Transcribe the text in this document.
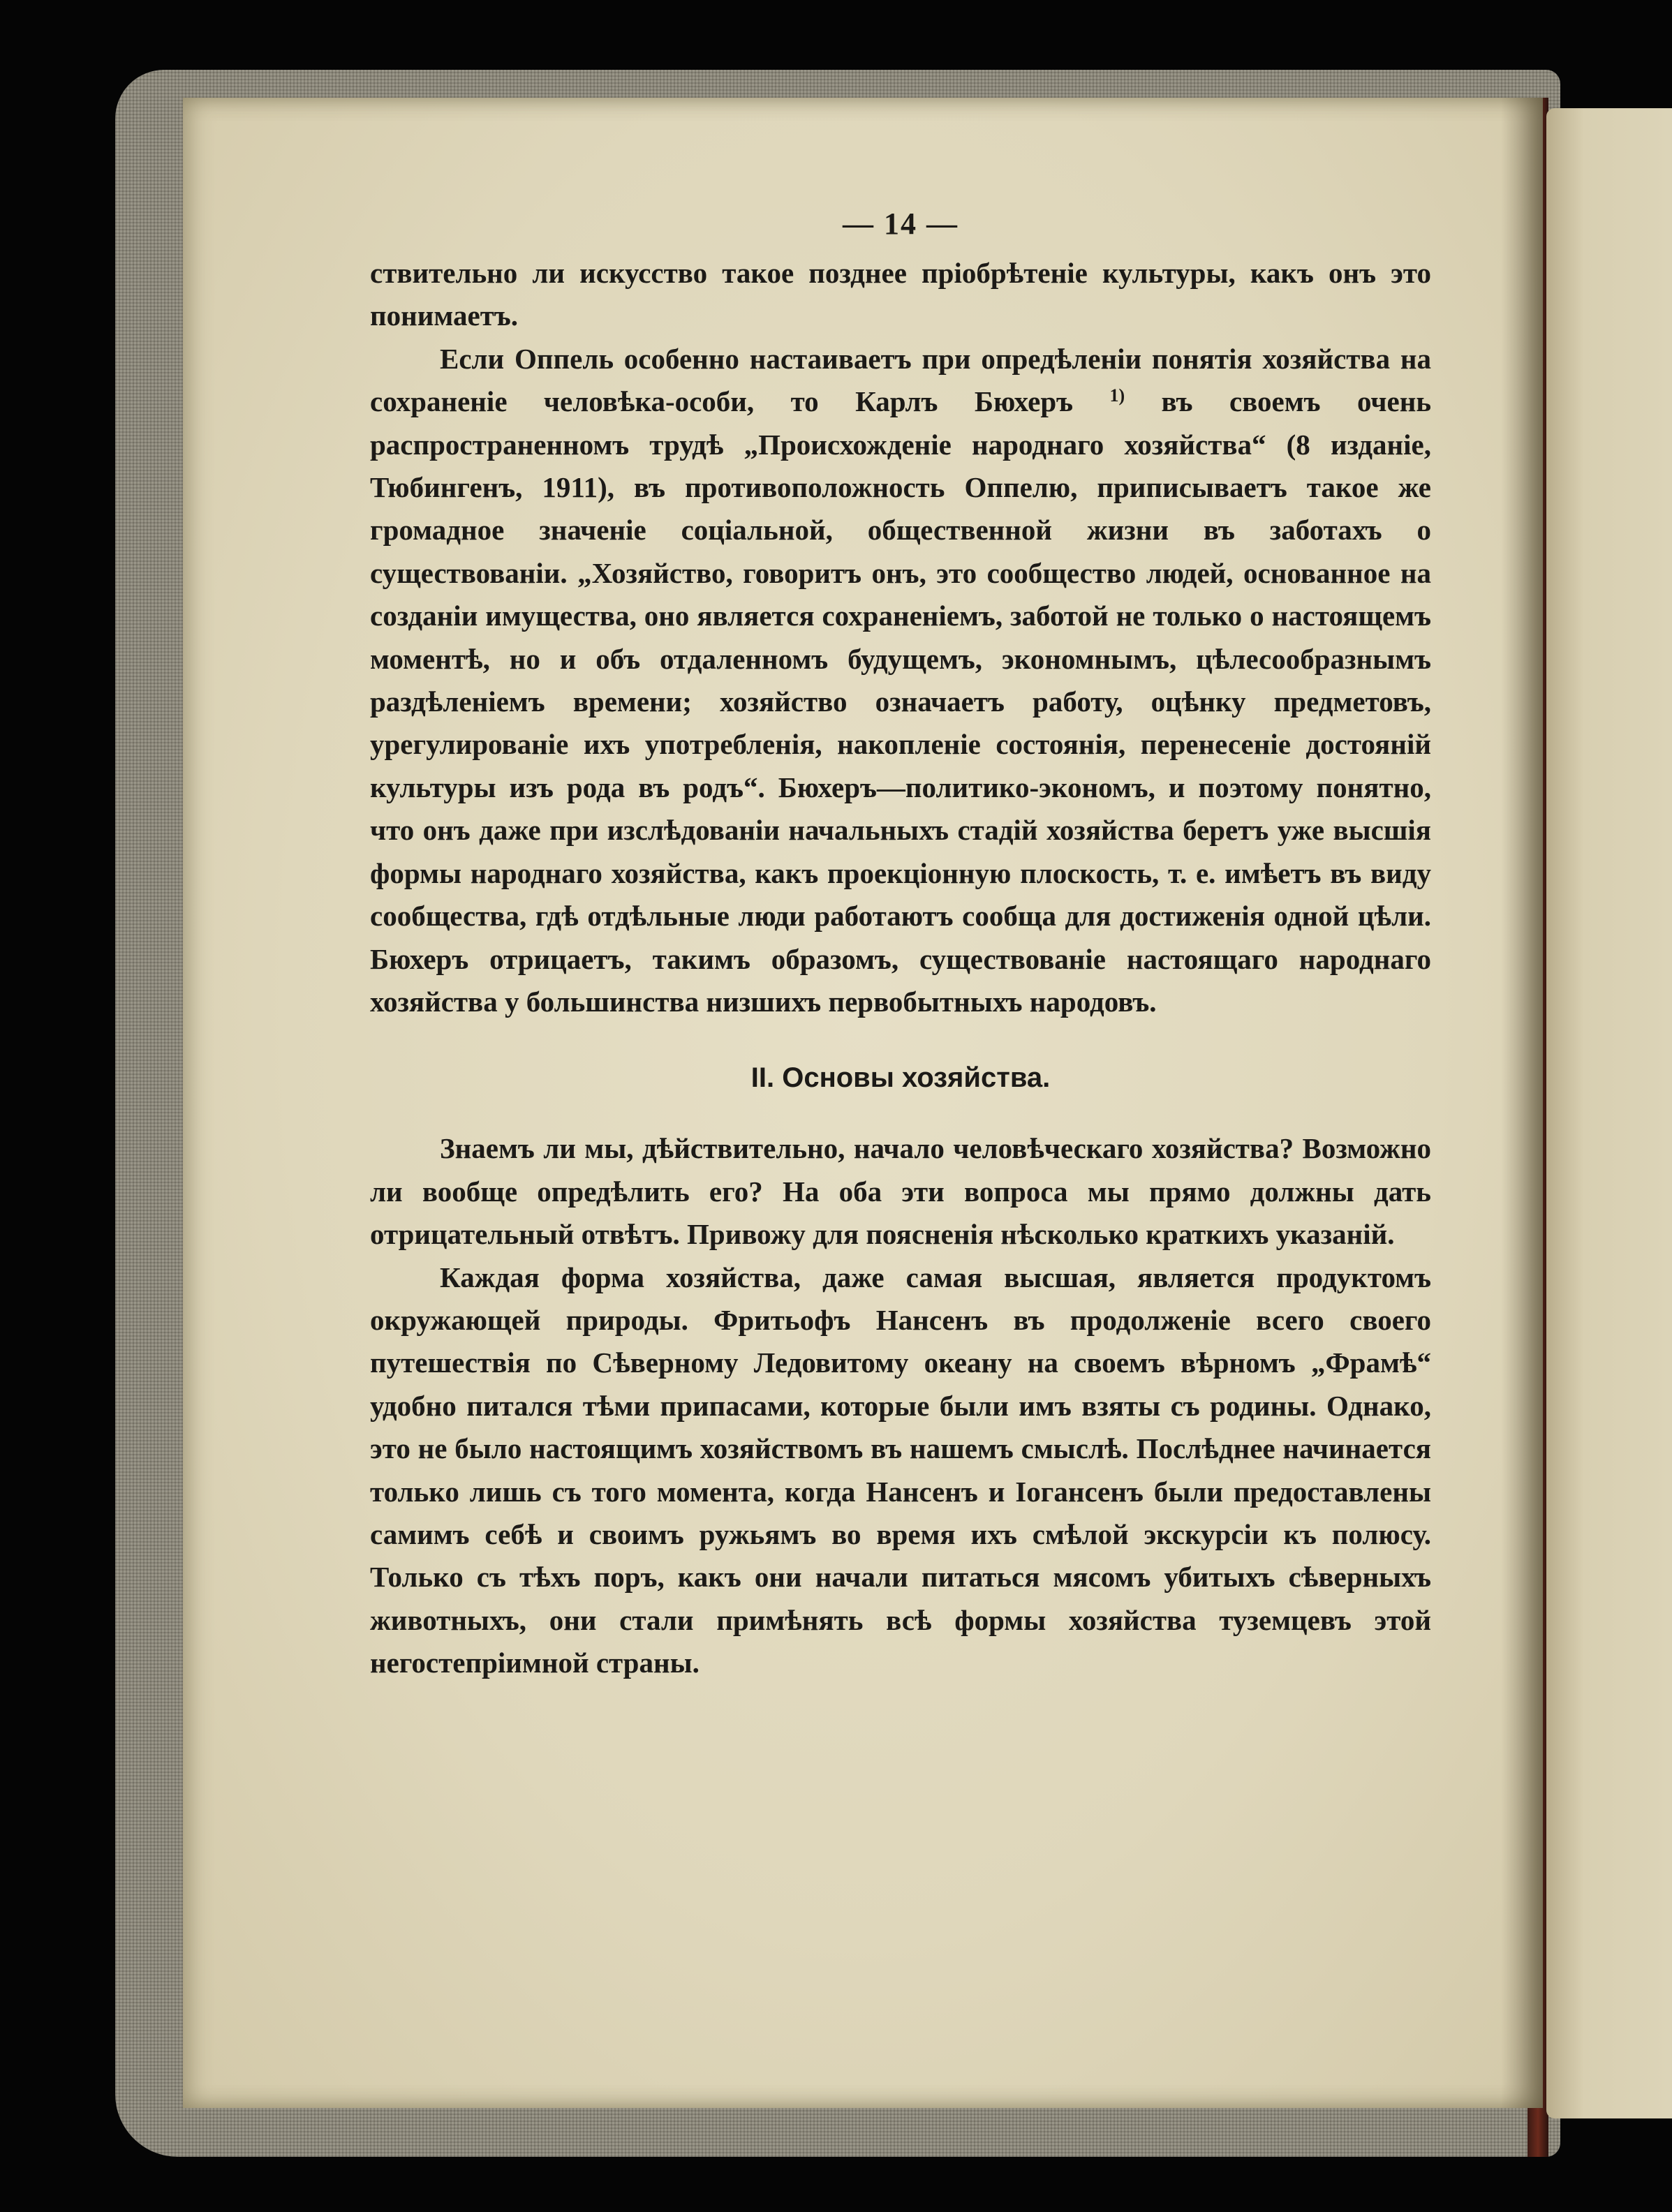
— 14 —

ствительно ли искусство такое позднее пріобрѣтеніе культуры, какъ онъ это понимаетъ.

Если Оппель особенно настаиваетъ при опредѣленіи понятія хозяйства на сохраненіе человѣка-особи, то Карлъ Бюхеръ $^{1)}$ въ своемъ очень распространенномъ трудѣ „Происхожденіе народнаго хозяйства“ (8 изданіе, Тюбингенъ, 1911), въ противоположность Оппелю, приписываетъ такое же громадное значеніе соціальной, общественной жизни въ заботахъ о существованіи. „Хозяйство, говоритъ онъ, это сообщество людей, основанное на созданіи имущества, оно является сохраненіемъ, заботой не только о настоящемъ моментѣ, но и объ отдаленномъ будущемъ, экономнымъ, цѣлесообразнымъ раздѣленіемъ времени; хозяйство означаетъ работу, оцѣнку предметовъ, урегулированіе ихъ употребленія, накопленіе состоянія, перенесеніе достояній культуры изъ рода въ родъ“. Бюхеръ—политико-экономъ, и поэтому понятно, что онъ даже при изслѣдованіи начальныхъ стадій хозяйства беретъ уже высшія формы народнаго хозяйства, какъ проекціонную плоскость, т. е. имѣетъ въ виду сообщества, гдѣ отдѣльные люди работаютъ сообща для достиженія одной цѣли. Бюхеръ отрицаетъ, такимъ образомъ, существованіе настоящаго народнаго хозяйства у большинства низшихъ первобытныхъ народовъ.

II. Основы хозяйства.

Знаемъ ли мы, дѣйствительно, начало человѣческаго хозяйства? Возможно ли вообще опредѣлить его? На оба эти вопроса мы прямо должны дать отрицательный отвѣтъ. Привожу для поясненія нѣсколько краткихъ указаній.

Каждая форма хозяйства, даже самая высшая, является продуктомъ окружающей природы. Фритьофъ Нансенъ въ продолженіе всего своего путешествія по Сѣверному Ледовитому океану на своемъ вѣрномъ „Фрамѣ“ удобно питался тѣми припасами, которые были имъ взяты съ родины. Однако, это не было настоящимъ хозяйствомъ въ нашемъ смыслѣ. Послѣднее начинается только лишь съ того момента, когда Нансенъ и Іогансенъ были предоставлены самимъ себѣ и своимъ ружьямъ во время ихъ смѣлой экскурсіи къ полюсу. Только съ тѣхъ поръ, какъ они начали питаться мясомъ убитыхъ сѣверныхъ животныхъ, они стали примѣнять всѣ формы хозяйства туземцевъ этой негостепріимной страны.
